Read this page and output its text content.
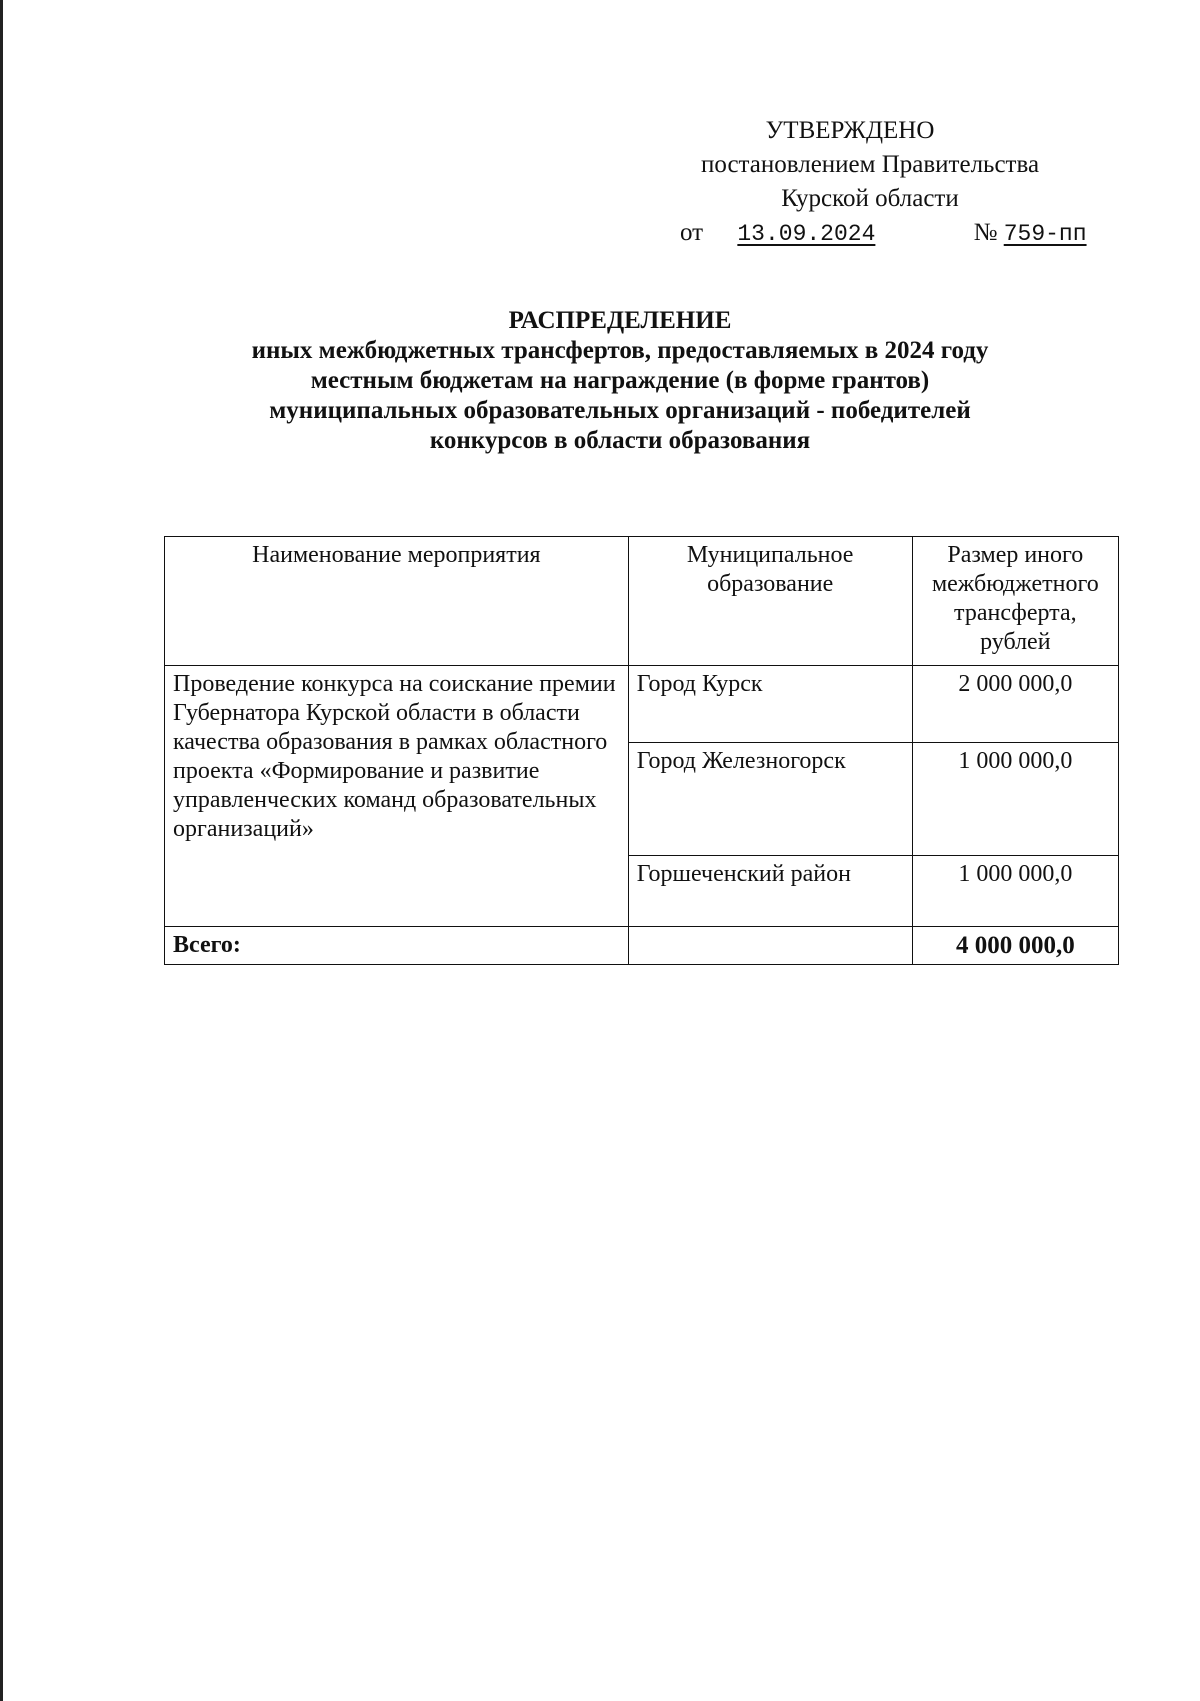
УТВЕРЖДЕНО
постановлением Правительства
Курской области
от 13.09.2024	№ 759-пп
РАСПРЕДЕЛЕНИЕ
иных межбюджетных трансфертов, предоставляемых в 2024 году
местным бюджетам на награждение (в форме грантов)
муниципальных образовательных организаций - победителей
конкурсов в области образования
Наименование мероприятия	Муниципальное образование	Размер иного межбюджетного трансферта, рублей
Проведение конкурса на соискание премии Губернатора Курской области в области качества образования в рамках областного проекта «Формирование и развитие управленческих команд образовательных организаций»	Город Курск	2 000 000,0
	Город Железногорск	1 000 000,0
	Горшеченский район	1 000 000,0
Всего:		4 000 000,0
